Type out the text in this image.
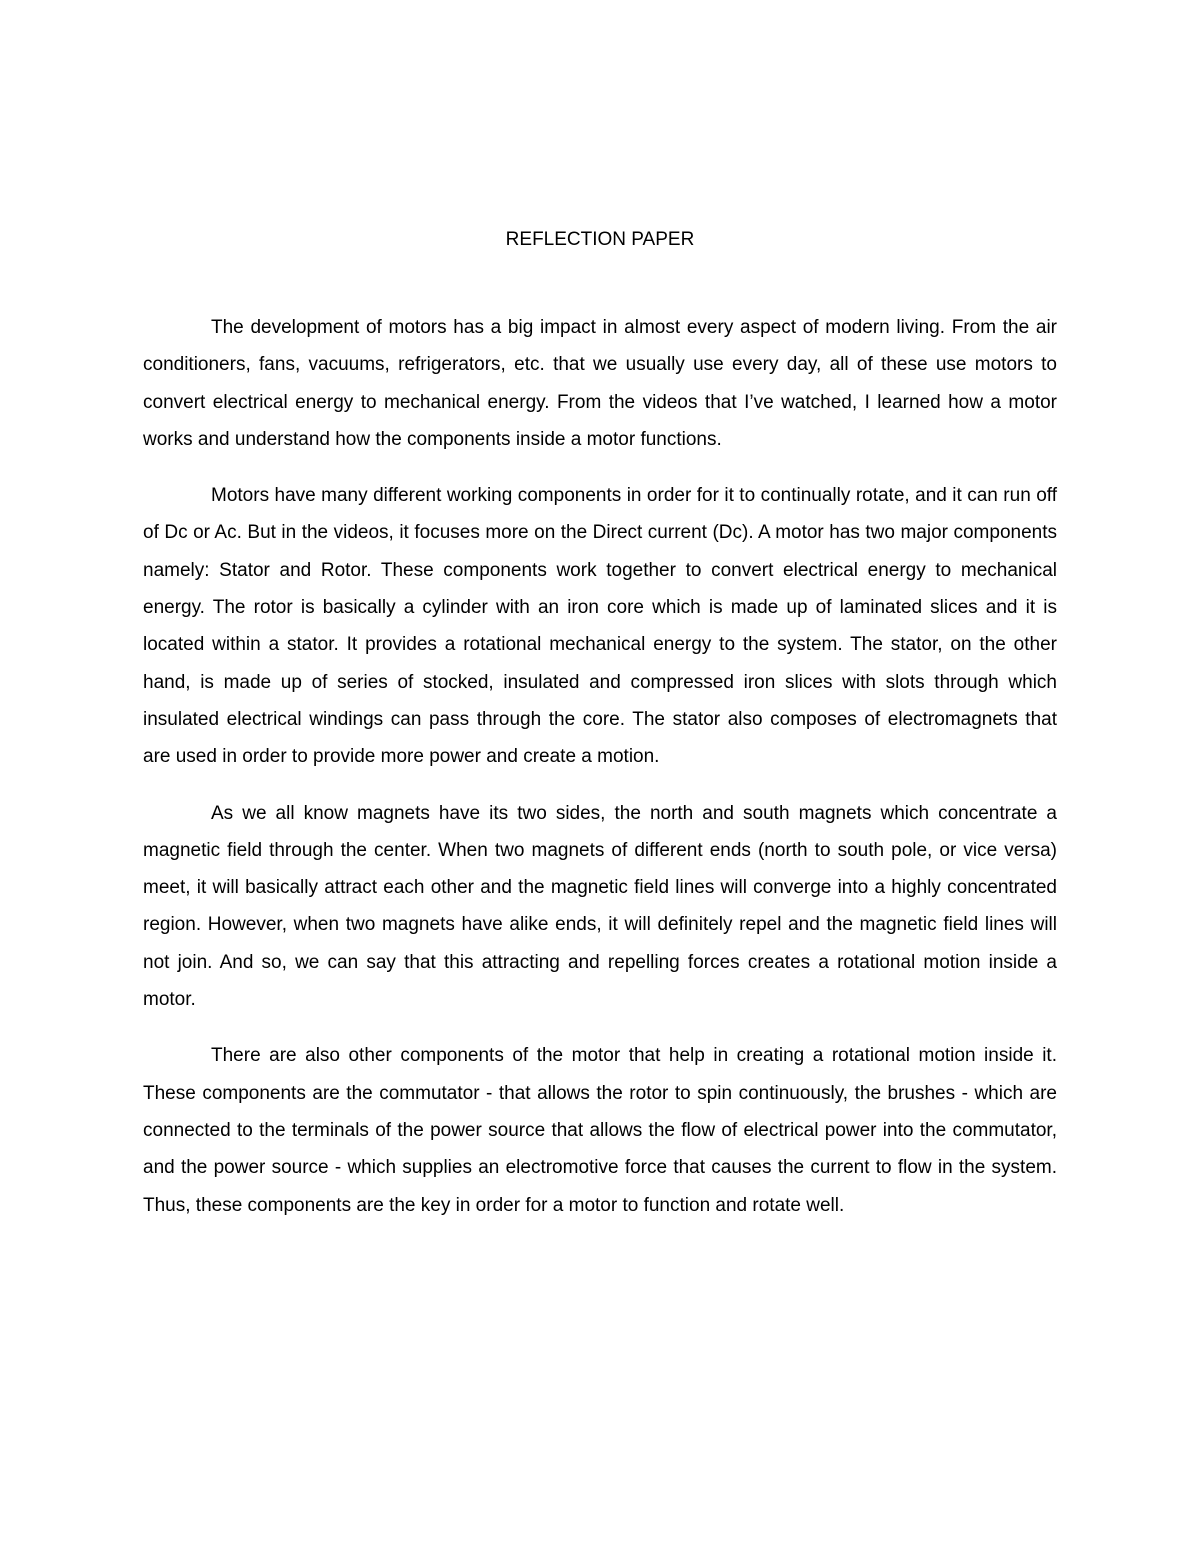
REFLECTION PAPER

The development of motors has a big impact in almost every aspect of modern living. From the air conditioners, fans, vacuums, refrigerators, etc. that we usually use every day, all of these use motors to convert electrical energy to mechanical energy. From the videos that I’ve watched, I learned how a motor works and understand how the components inside a motor functions.

Motors have many different working components in order for it to continually rotate, and it can run off of Dc or Ac. But in the videos, it focuses more on the Direct current (Dc). A motor has two major components namely: Stator and Rotor. These components work together to convert electrical energy to mechanical energy. The rotor is basically a cylinder with an iron core which is made up of laminated slices and it is located within a stator. It provides a rotational mechanical energy to the system. The stator, on the other hand, is made up of series of stocked, insulated and compressed iron slices with slots through which insulated electrical windings can pass through the core. The stator also composes of electromagnets that are used in order to provide more power and create a motion.

As we all know magnets have its two sides, the north and south magnets which concentrate a magnetic field through the center. When two magnets of different ends (north to south pole, or vice versa) meet, it will basically attract each other and the magnetic field lines will converge into a highly concentrated region. However, when two magnets have alike ends, it will definitely repel and the magnetic field lines will not join. And so, we can say that this attracting and repelling forces creates a rotational motion inside a motor.

There are also other components of the motor that help in creating a rotational motion inside it. These components are the commutator - that allows the rotor to spin continuously, the brushes - which are connected to the terminals of the power source that allows the flow of electrical power into the commutator, and the power source - which supplies an electromotive force that causes the current to flow in the system. Thus, these components are the key in order for a motor to function and rotate well.
